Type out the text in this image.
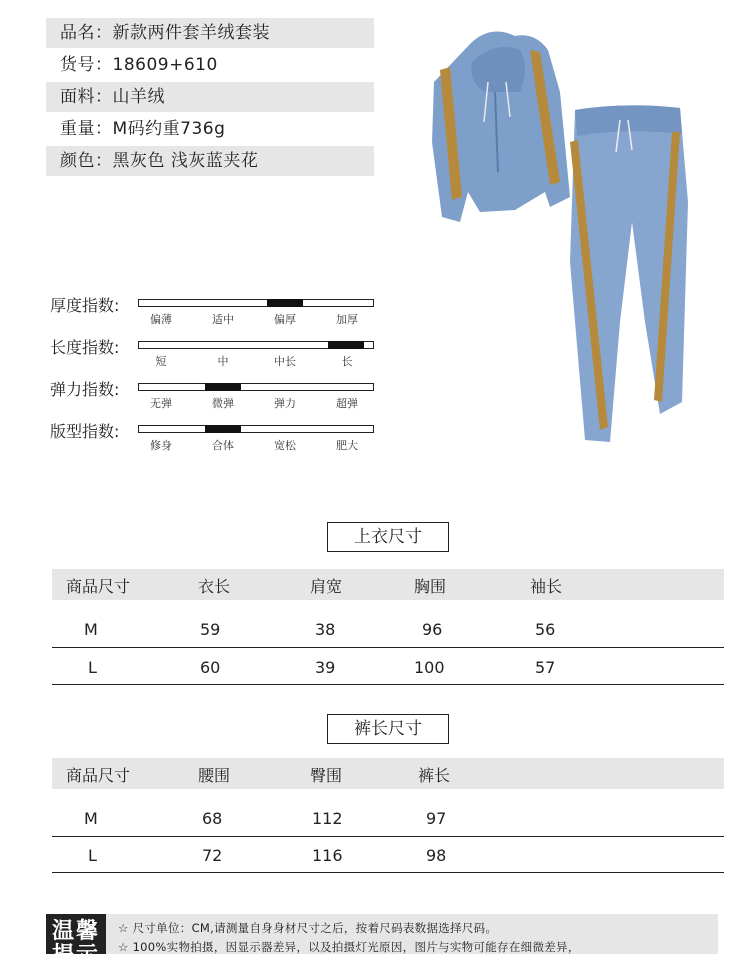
品名：新款两件套羊绒套装
货号：18609+610
面料：山羊绒
重量：M码约重736g
颜色：黑灰色 浅灰蓝夹花
厚度指数:
偏薄	适中	偏厚	加厚
长度指数:
短	中	中长	长
弹力指数:
无弹	微弹	弹力	超弹
版型指数:
修身	合体	宽松	肥大
上衣尺寸
商品尺寸	衣长	肩宽	胸围	袖长
M	59	38	96	56
L	60	39	100	57
裤长尺寸
商品尺寸	腰围	臀围	裤长
M	68	112	97
L	72	116	98
温馨提示
☆ 尺寸单位：CM,请测量自身身材尺寸之后，按着尺码表数据选择尺码。
☆ 100%实物拍摄，因显示器差异，以及拍摄灯光原因，图片与实物可能存在细微差异，
